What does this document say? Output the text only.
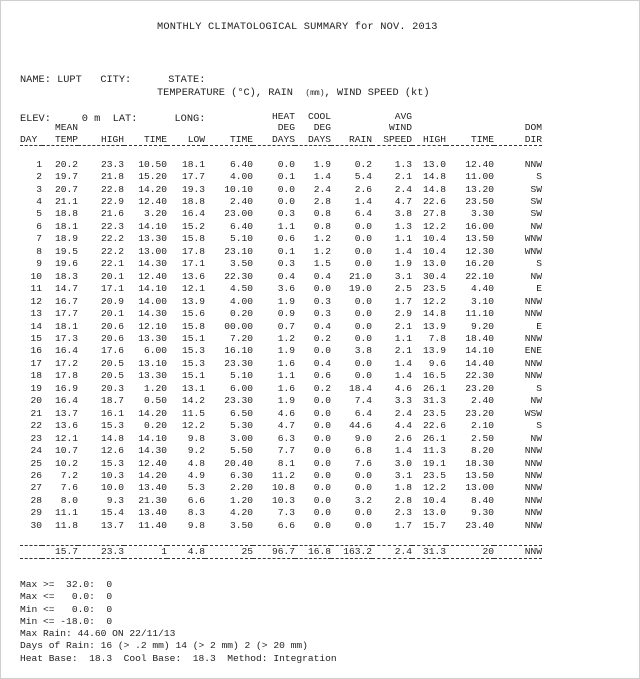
MONTHLY CLIMATOLOGICAL SUMMARY for NOV. 2013

NAME: LUPT   CITY:      STATE:

ELEV:     0 m  LAT:      LONG:

TEMPERATURE (°C), RAIN  (mm), WIND SPEED (kt)
						HEAT	COOL		AVG			
	MEAN					DEG	DEG		WIND			DOM
DAY	TEMP	HIGH	TIME	LOW	TIME	DAYS	DAYS	RAIN	SPEED	HIGH	TIME	DIR

1	20.2	23.3	10.50	18.1	6.40	0.0	1.9	0.2	1.3	13.0	12.40	NNW
2	19.7	21.8	15.20	17.7	4.00	0.1	1.4	5.4	2.1	14.8	11.00	S
3	20.7	22.8	14.20	19.3	10.10	0.0	2.4	2.6	2.4	14.8	13.20	SW
4	21.1	22.9	12.40	18.8	2.40	0.0	2.8	1.4	4.7	22.6	23.50	SW
5	18.8	21.6	3.20	16.4	23.00	0.3	0.8	6.4	3.8	27.8	3.30	SW
6	18.1	22.3	14.10	15.2	6.40	1.1	0.8	0.0	1.3	12.2	16.00	NW
7	18.9	22.2	13.30	15.8	5.10	0.6	1.2	0.0	1.1	10.4	13.50	WNW
8	19.5	22.2	13.00	17.8	23.10	0.1	1.2	0.0	1.4	10.4	12.30	WNW
9	19.6	22.1	14.30	17.1	3.50	0.3	1.5	0.0	1.9	13.0	16.20	S
10	18.3	20.1	12.40	13.6	22.30	0.4	0.4	21.0	3.1	30.4	22.10	NW
11	14.7	17.1	14.10	12.1	4.50	3.6	0.0	19.0	2.5	23.5	4.40	E
12	16.7	20.9	14.00	13.9	4.00	1.9	0.3	0.0	1.7	12.2	3.10	NNW
13	17.7	20.1	14.30	15.6	0.20	0.9	0.3	0.0	2.9	14.8	11.10	NNW
14	18.1	20.6	12.10	15.8	00.00	0.7	0.4	0.0	2.1	13.9	9.20	E
15	17.3	20.6	13.30	15.1	7.20	1.2	0.2	0.0	1.1	7.8	18.40	NNW
16	16.4	17.6	6.00	15.3	16.10	1.9	0.0	3.8	2.1	13.9	14.10	ENE
17	17.2	20.5	13.10	15.3	23.30	1.6	0.4	0.0	1.4	9.6	14.40	NNW
18	17.8	20.5	13.30	15.1	5.10	1.1	0.6	0.0	1.4	16.5	22.30	NNW
19	16.9	20.3	1.20	13.1	6.00	1.6	0.2	18.4	4.6	26.1	23.20	S
20	16.4	18.7	0.50	14.2	23.30	1.9	0.0	7.4	3.3	31.3	2.40	NW
21	13.7	16.1	14.20	11.5	6.50	4.6	0.0	6.4	2.4	23.5	23.20	WSW
22	13.6	15.3	0.20	12.2	5.30	4.7	0.0	44.6	4.4	22.6	2.10	S
23	12.1	14.8	14.10	9.8	3.00	6.3	0.0	9.0	2.6	26.1	2.50	NW
24	10.7	12.6	14.30	9.2	5.50	7.7	0.0	6.8	1.4	11.3	8.20	NNW
25	10.2	15.3	12.40	4.8	20.40	8.1	0.0	7.6	3.0	19.1	18.30	NNW
26	7.2	10.3	14.20	4.9	6.30	11.2	0.0	0.0	3.1	23.5	13.50	NNW
27	7.6	10.0	13.40	5.3	2.20	10.8	0.0	0.0	1.8	12.2	13.00	NNW
28	8.0	9.3	21.30	6.6	1.20	10.3	0.0	3.2	2.8	10.4	8.40	NNW
29	11.1	15.4	13.40	8.3	4.20	7.3	0.0	0.0	2.3	13.0	9.30	NNW
30	11.8	13.7	11.40	9.8	3.50	6.6	0.0	0.0	1.7	15.7	23.40	NNW

	15.7	23.3	1	4.8	25	96.7	16.8	163.2	2.4	31.3	20	NNW

Max >=  32.0:  0
Max <=   0.0:  0
Min <=   0.0:  0
Min <= -18.0:  0
Max Rain: 44.60 ON 22/11/13
Days of Rain: 16 (> .2 mm) 14 (> 2 mm) 2 (> 20 mm)
Heat Base:  18.3  Cool Base:  18.3  Method: Integration
